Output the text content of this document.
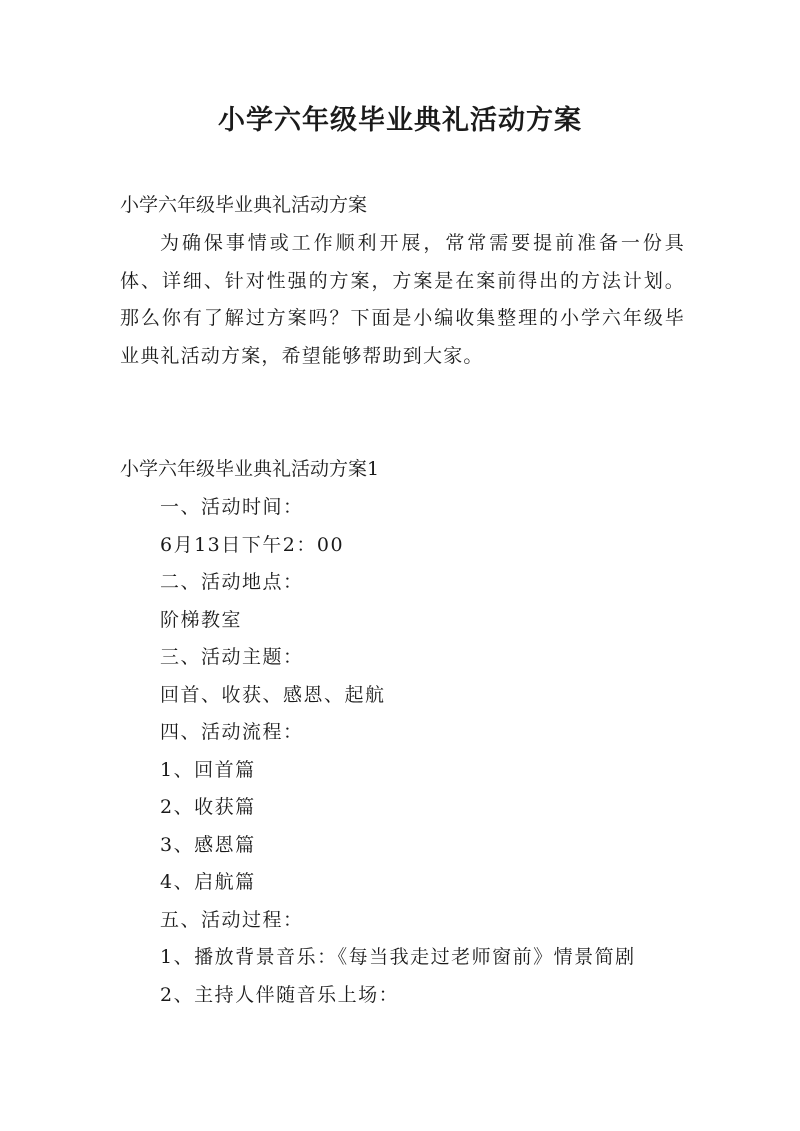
小学六年级毕业典礼活动方案
小学六年级毕业典礼活动方案

为确保事情或工作顺利开展，常常需要提前准备一份具体、详细、针对性强的方案，方案是在案前得出的方法计划。那么你有了解过方案吗？下面是小编收集整理的小学六年级毕业典礼活动方案，希望能够帮助到大家。

小学六年级毕业典礼活动方案1
一、活动时间：
6月13日下午2：00
二、活动地点：
阶梯教室
三、活动主题：
回首、收获、感恩、起航
四、活动流程：
1、回首篇
2、收获篇
3、感恩篇
4、启航篇
五、活动过程：
1、播放背景音乐：《每当我走过老师窗前》情景简剧
2、主持人伴随音乐上场：
